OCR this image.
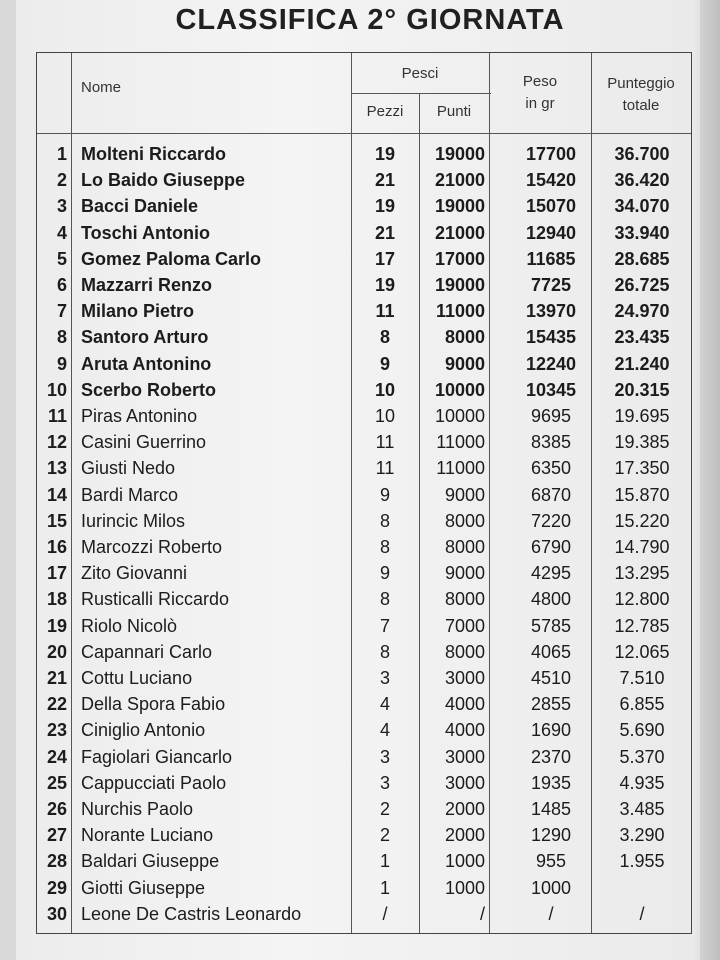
CLASSIFICA 2° GIORNATA
Nome
Pesci
Pezzi	Punti
Peso
in gr
Punteggio
totale
1 Molteni Riccardo	19	19000	17700	36.700
2 Lo Baido Giuseppe	21	21000	15420	36.420
3 Bacci Daniele	19	19000	15070	34.070
4 Toschi Antonio	21	21000	12940	33.940
5 Gomez Paloma Carlo	17	17000	11685	28.685
6 Mazzarri Renzo	19	19000	7725	26.725
7 Milano Pietro	11	11000	13970	24.970
8 Santoro Arturo	8	8000	15435	23.435
9 Aruta Antonino	9	9000	12240	21.240
10 Scerbo Roberto	10	10000	10345	20.315
11 Piras Antonino	10	10000	9695	19.695
12 Casini Guerrino	11	11000	8385	19.385
13 Giusti Nedo	11	11000	6350	17.350
14 Bardi Marco	9	9000	6870	15.870
15 Iurincic Milos	8	8000	7220	15.220
16 Marcozzi Roberto	8	8000	6790	14.790
17 Zito Giovanni	9	9000	4295	13.295
18 Rusticalli Riccardo	8	8000	4800	12.800
19 Riolo Nicolò	7	7000	5785	12.785
20 Capannari Carlo	8	8000	4065	12.065
21 Cottu Luciano	3	3000	4510	7.510
22 Della Spora Fabio	4	4000	2855	6.855
23 Ciniglio Antonio	4	4000	1690	5.690
24 Fagiolari Giancarlo	3	3000	2370	5.370
25 Cappucciati Paolo	3	3000	1935	4.935
26 Nurchis Paolo	2	2000	1485	3.485
27 Norante Luciano	2	2000	1290	3.290
28 Baldari Giuseppe	1	1000	955	1.955
29 Giotti Giuseppe	1	1000	1000
30 Leone De Castris Leonardo	/	/	/	/
